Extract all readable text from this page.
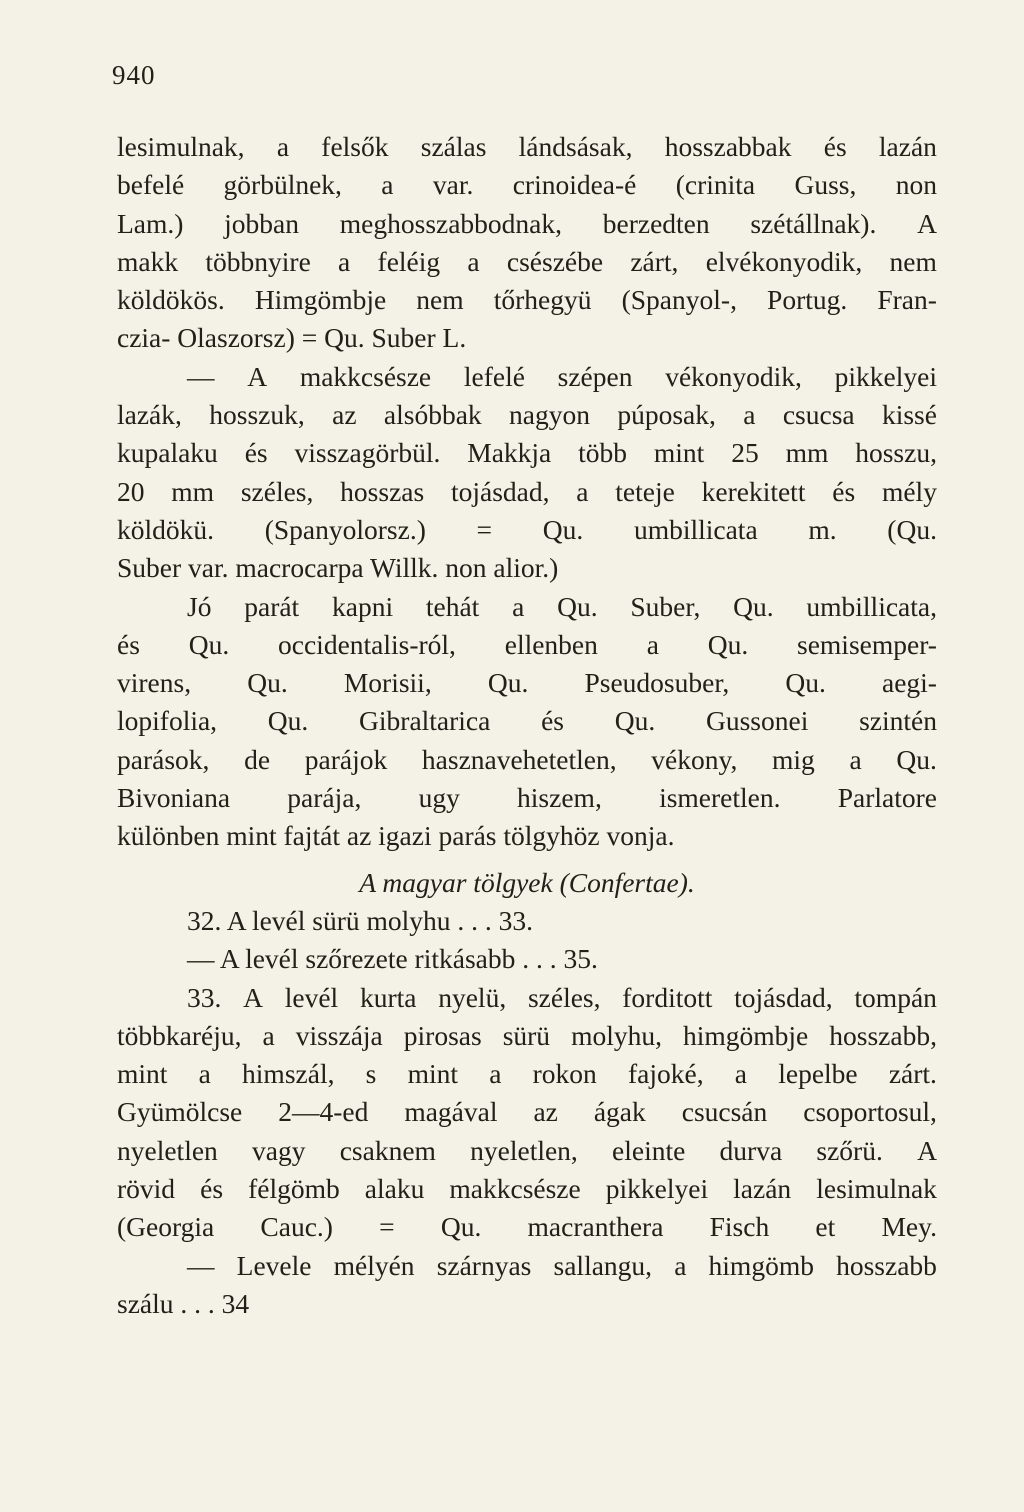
940
lesimulnak, a felsők szálas lándsásak, hosszabbak és lazán
befelé görbülnek, a var. crinoidea-é (crinita Guss, non
Lam.) jobban meghosszabbodnak, berzedten szétállnak). A
makk többnyire a feléig a csészébe zárt, elvékonyodik, nem
köldökös. Himgömbje nem tőrhegyü (Spanyol-, Portug. Fran-
czia- Olaszorsz) = Qu. Suber L.
— A makkcsésze lefelé szépen vékonyodik, pikkelyei
lazák, hosszuk, az alsóbbak nagyon púposak, a csucsa kissé
kupalaku és visszagörbül. Makkja több mint 25 mm hosszu,
20 mm széles, hosszas tojásdad, a teteje kerekitett és mély
köldökü. (Spanyolorsz.) = Qu. umbillicata m. (Qu.
Suber var. macrocarpa Willk. non alior.)
Jó parát kapni tehát a Qu. Suber, Qu. umbillicata,
és Qu. occidentalis-ról, ellenben a Qu. semisemper-
virens, Qu. Morisii, Qu. Pseudosuber, Qu. aegi-
lopifolia, Qu. Gibraltarica és Qu. Gussonei szintén
parások, de parájok hasznavehetetlen, vékony, mig a Qu.
Bivoniana parája, ugy hiszem, ismeretlen. Parlatore
különben mint fajtát az igazi parás tölgyhöz vonja.
A magyar tölgyek (Confertae).
32. A levél sürü molyhu . . . 33.
— A levél szőrezete ritkásabb . . . 35.
33. A levél kurta nyelü, széles, forditott tojásdad, tompán
többkaréju, a visszája pirosas sürü molyhu, himgömbje hosszabb,
mint a himszál, s mint a rokon fajoké, a lepelbe zárt.
Gyümölcse 2—4-ed magával az ágak csucsán csoportosul,
nyeletlen vagy csaknem nyeletlen, eleinte durva szőrü. A
rövid és félgömb alaku makkcsésze pikkelyei lazán lesimulnak
(Georgia Cauc.) = Qu. macranthera Fisch et Mey.
— Levele mélyén szárnyas sallangu, a himgömb hosszabb
szálu . . . 34
